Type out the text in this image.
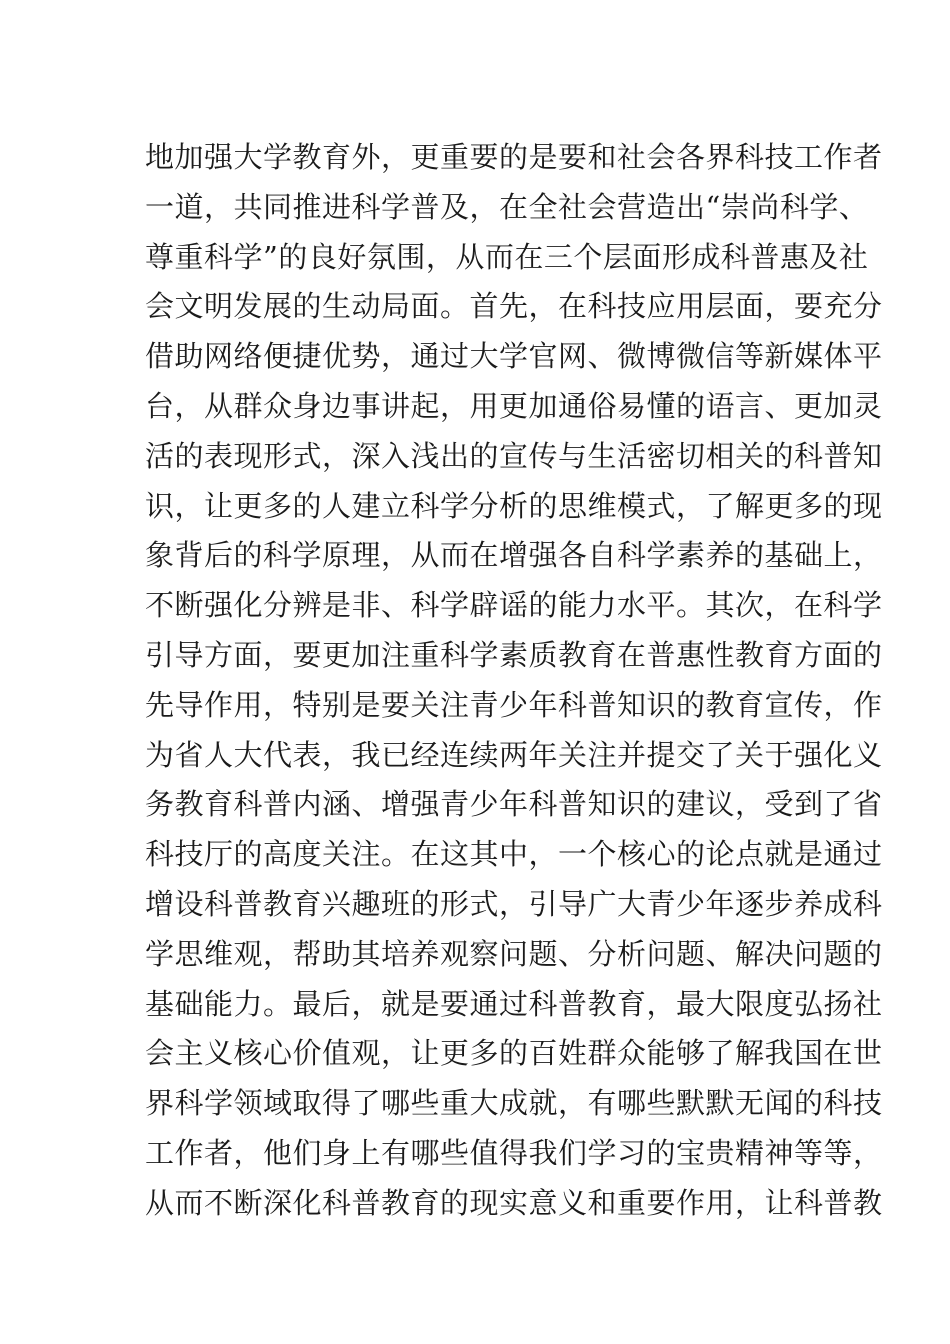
地加强大学教育外，更重要的是要和社会各界科技工作者
一道，共同推进科学普及，在全社会营造出“崇尚科学、
尊重科学”的良好氛围，从而在三个层面形成科普惠及社
会文明发展的生动局面。首先，在科技应用层面，要充分
借助网络便捷优势，通过大学官网、微博微信等新媒体平
台，从群众身边事讲起，用更加通俗易懂的语言、更加灵
活的表现形式，深入浅出的宣传与生活密切相关的科普知
识，让更多的人建立科学分析的思维模式，了解更多的现
象背后的科学原理，从而在增强各自科学素养的基础上，
不断强化分辨是非、科学辟谣的能力水平。其次，在科学
引导方面，要更加注重科学素质教育在普惠性教育方面的
先导作用，特别是要关注青少年科普知识的教育宣传，作
为省人大代表，我已经连续两年关注并提交了关于强化义
务教育科普内涵、增强青少年科普知识的建议，受到了省
科技厅的高度关注。在这其中，一个核心的论点就是通过
增设科普教育兴趣班的形式，引导广大青少年逐步养成科
学思维观，帮助其培养观察问题、分析问题、解决问题的
基础能力。最后，就是要通过科普教育，最大限度弘扬社
会主义核心价值观，让更多的百姓群众能够了解我国在世
界科学领域取得了哪些重大成就，有哪些默默无闻的科技
工作者，他们身上有哪些值得我们学习的宝贵精神等等，
从而不断深化科普教育的现实意义和重要作用，让科普教
